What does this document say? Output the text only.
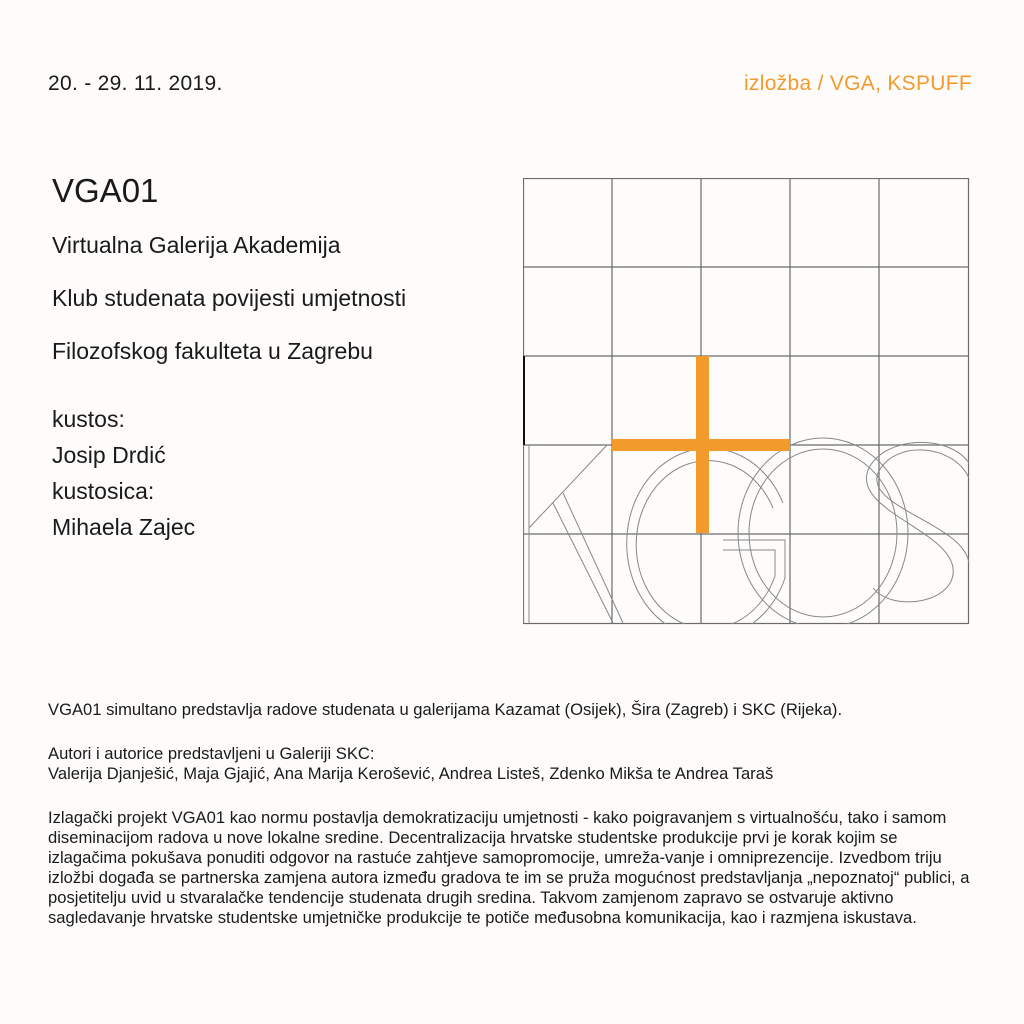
20. - 29. 11. 2019.	izložba / VGA, KSPUFF
VGA01
Virtualna Galerija Akademija
Klub studenata povijesti umjetnosti
Filozofskog fakulteta u Zagrebu
kustos:
Josip Drdić
kustosica:
Mihaela Zajec

VGA01 simultano predstavlja radove studenata u galerijama Kazamat (Osijek), Šira (Zagreb) i SKC (Rijeka).

Autori i autorice predstavljeni u Galeriji SKC:

Valerija Djanješić, Maja Gjajić, Ana Marija Kerošević, Andrea Listeš, Zdenko Mikša te Andrea Taraš

Izlagački projekt VGA01 kao normu postavlja demokratizaciju umjetnosti - kako poigravanjem s virtualnošću, tako i samom diseminacijom radova u nove lokalne sredine. Decentralizacija hrvatske studentske produkcije prvi je korak kojim se izlagačima pokušava ponuditi odgovor na rastuće zahtjeve samopromocije, umreža-vanje i omniprezencije. Izvedbom triju izložbi događa se partnerska zamjena autora između gradova te im se pruža mogućnost predstavljanja „nepoznatoj“ publici, a posjetitelju uvid u stvaralačke tendencije studenata drugih sredina. Takvom zamjenom zapravo se ostvaruje aktivno sagledavanje hrvatske studentske umjetničke produkcije te potiče međusobna komunikacija, kao i razmjena iskustava.
